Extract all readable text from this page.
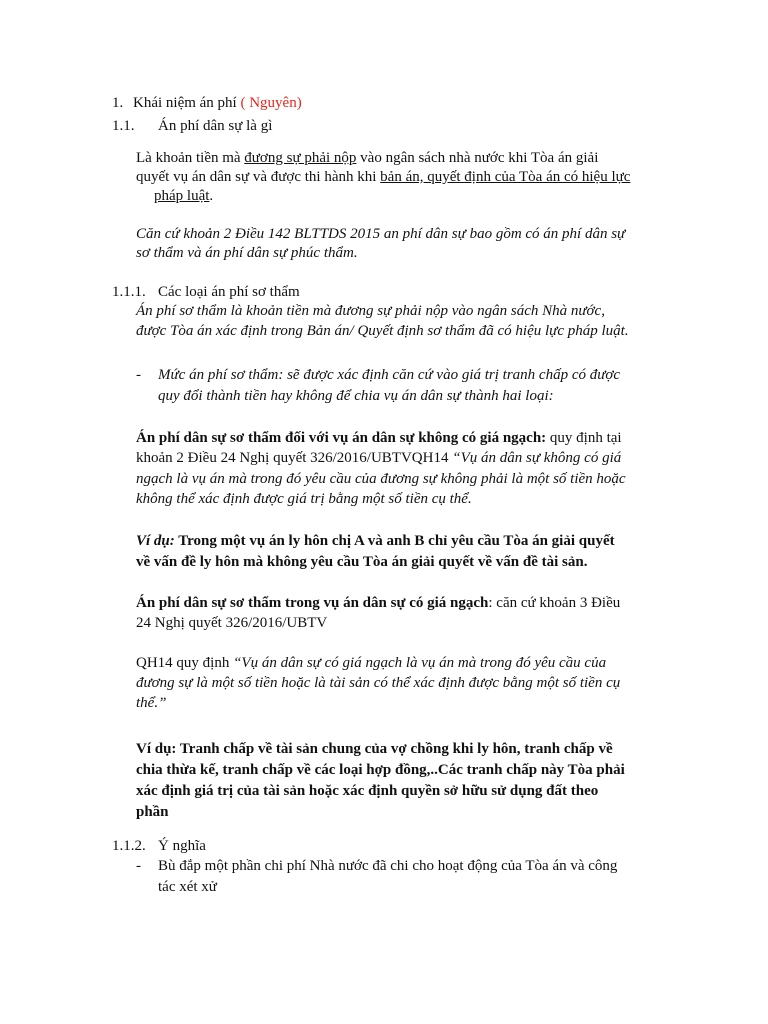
1. Khái niệm án phí ( Nguyên)
1.1. Án phí dân sự là gì
Là khoản tiền mà đương sự phải nộp vào ngân sách nhà nước khi Tòa án giải
quyết vụ án dân sự và được thi hành khi bản án, quyết định của Tòa án có hiệu lực
pháp luật.
Căn cứ khoản 2 Điều 142 BLTTDS 2015 an phí dân sự bao gồm có án phí dân sự
sơ thẩm và án phí dân sự phúc thẩm.
1.1.1. Các loại án phí sơ thẩm
Án phí sơ thẩm là khoản tiền mà đương sự phải nộp vào ngân sách Nhà nước,
được Tòa án xác định trong Bản án/ Quyết định sơ thẩm đã có hiệu lực pháp luật.
- Mức án phí sơ thẩm: sẽ được xác định căn cứ vào giá trị tranh chấp có được
quy đổi thành tiền hay không để chia vụ án dân sự thành hai loại:
Án phí dân sự sơ thẩm đối với vụ án dân sự không có giá ngạch: quy định tại
khoản 2 Điều 24 Nghị quyết 326/2016/UBTVQH14 “Vụ án dân sự không có giá
ngạch là vụ án mà trong đó yêu cầu của đương sự không phải là một số tiền hoặc
không thể xác định được giá trị bằng một số tiền cụ thể.
Ví dụ: Trong một vụ án ly hôn chị A và anh B chỉ yêu cầu Tòa án giải quyết
về vấn đề ly hôn mà không yêu cầu Tòa án giải quyết về vấn đề tài sản.
Án phí dân sự sơ thẩm trong vụ án dân sự có giá ngạch: căn cứ khoản 3 Điều
24 Nghị quyết 326/2016/UBTV
QH14 quy định “Vụ án dân sự có giá ngạch là vụ án mà trong đó yêu cầu của
đương sự là một số tiền hoặc là tài sản có thể xác định được bằng một số tiền cụ
thể.”
Ví dụ: Tranh chấp về tài sản chung của vợ chồng khi ly hôn, tranh chấp về
chia thừa kế, tranh chấp về các loại hợp đồng,..Các tranh chấp này Tòa phải
xác định giá trị của tài sản hoặc xác định quyền sở hữu sử dụng đất theo
phần
1.1.2. Ý nghĩa
- Bù đắp một phần chi phí Nhà nước đã chi cho hoạt động của Tòa án và công
tác xét xử
